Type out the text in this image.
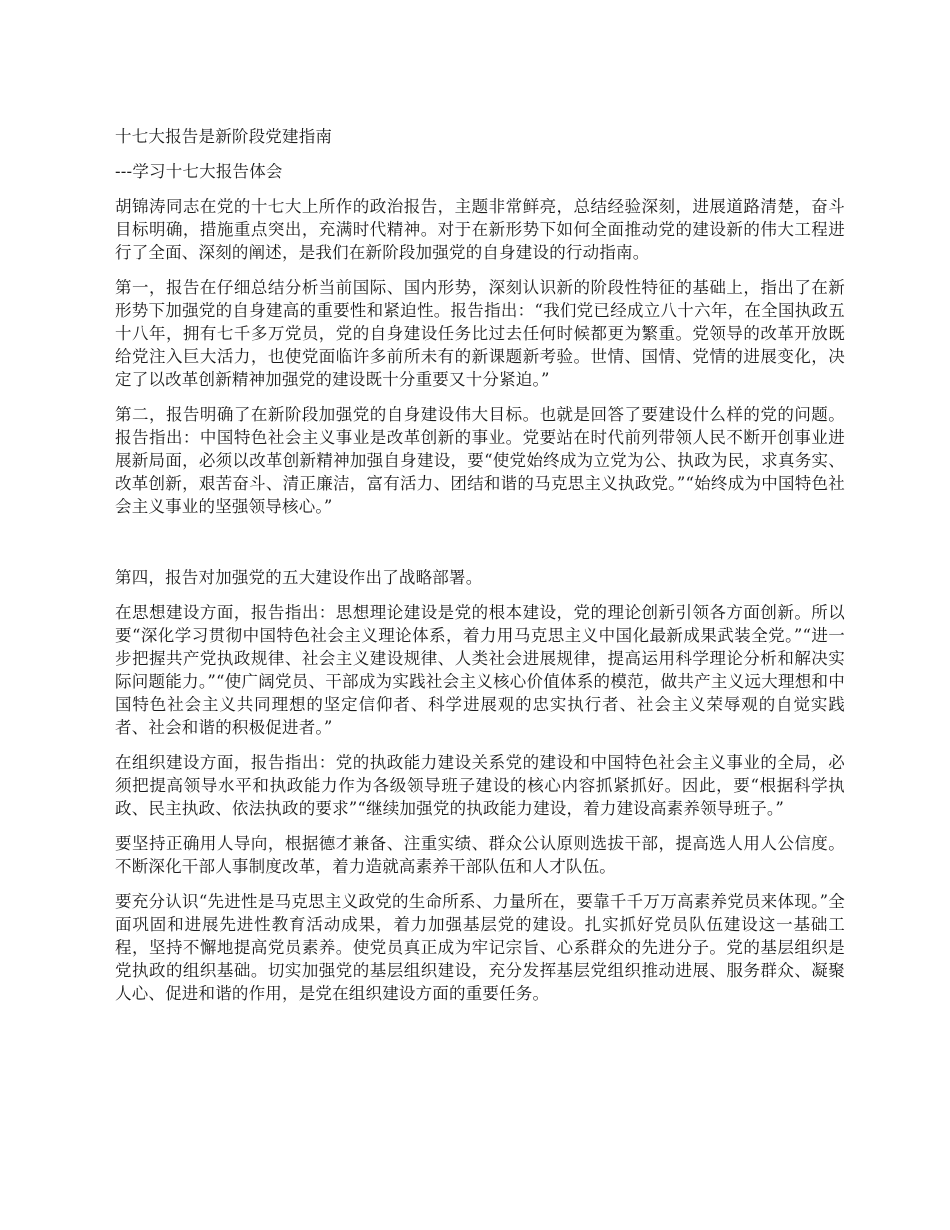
十七大报告是新阶段党建指南

---学习十七大报告体会

胡锦涛同志在党的十七大上所作的政治报告，主题非常鲜亮，总结经验深刻，进展道路清楚，奋斗目标明确，措施重点突出，充满时代精神。对于在新形势下如何全面推动党的建设新的伟大工程进行了全面、深刻的阐述，是我们在新阶段加强党的自身建设的行动指南。

第一，报告在仔细总结分析当前国际、国内形势，深刻认识新的阶段性特征的基础上，指出了在新形势下加强党的自身建高的重要性和紧迫性。报告指出：“我们党已经成立八十六年，在全国执政五十八年，拥有七千多万党员，党的自身建设任务比过去任何时候都更为繁重。党领导的改革开放既给党注入巨大活力，也使党面临许多前所未有的新课题新考验。世情、国情、党情的进展变化，决定了以改革创新精神加强党的建设既十分重要又十分紧迫。”

第二，报告明确了在新阶段加强党的自身建设伟大目标。也就是回答了要建设什么样的党的问题。报告指出：中国特色社会主义事业是改革创新的事业。党要站在时代前列带领人民不断开创事业进展新局面，必须以改革创新精神加强自身建设，要“使党始终成为立党为公、执政为民，求真务实、改革创新，艰苦奋斗、清正廉洁，富有活力、团结和谐的马克思主义执政党。”“始终成为中国特色社会主义事业的坚强领导核心。”

第四，报告对加强党的五大建设作出了战略部署。

在思想建设方面，报告指出：思想理论建设是党的根本建设，党的理论创新引领各方面创新。所以要“深化学习贯彻中国特色社会主义理论体系，着力用马克思主义中国化最新成果武装全党。”“进一步把握共产党执政规律、社会主义建设规律、人类社会进展规律，提高运用科学理论分析和解决实际问题能力。”“使广阔党员、干部成为实践社会主义核心价值体系的模范，做共产主义远大理想和中国特色社会主义共同理想的坚定信仰者、科学进展观的忠实执行者、社会主义荣辱观的自觉实践者、社会和谐的积极促进者。”

在组织建设方面，报告指出：党的执政能力建设关系党的建设和中国特色社会主义事业的全局，必须把提高领导水平和执政能力作为各级领导班子建设的核心内容抓紧抓好。因此，要“根据科学执政、民主执政、依法执政的要求”“继续加强党的执政能力建设，着力建设高素养领导班子。”

要坚持正确用人导向，根据德才兼备、注重实绩、群众公认原则选拔干部，提高选人用人公信度。不断深化干部人事制度改革，着力造就高素养干部队伍和人才队伍。

要充分认识“先进性是马克思主义政党的生命所系、力量所在，要靠千千万万高素养党员来体现。”全面巩固和进展先进性教育活动成果，着力加强基层党的建设。扎实抓好党员队伍建设这一基础工程，坚持不懈地提高党员素养。使党员真正成为牢记宗旨、心系群众的先进分子。党的基层组织是党执政的组织基础。切实加强党的基层组织建设，充分发挥基层党组织推动进展、服务群众、凝聚人心、促进和谐的作用，是党在组织建设方面的重要任务。
